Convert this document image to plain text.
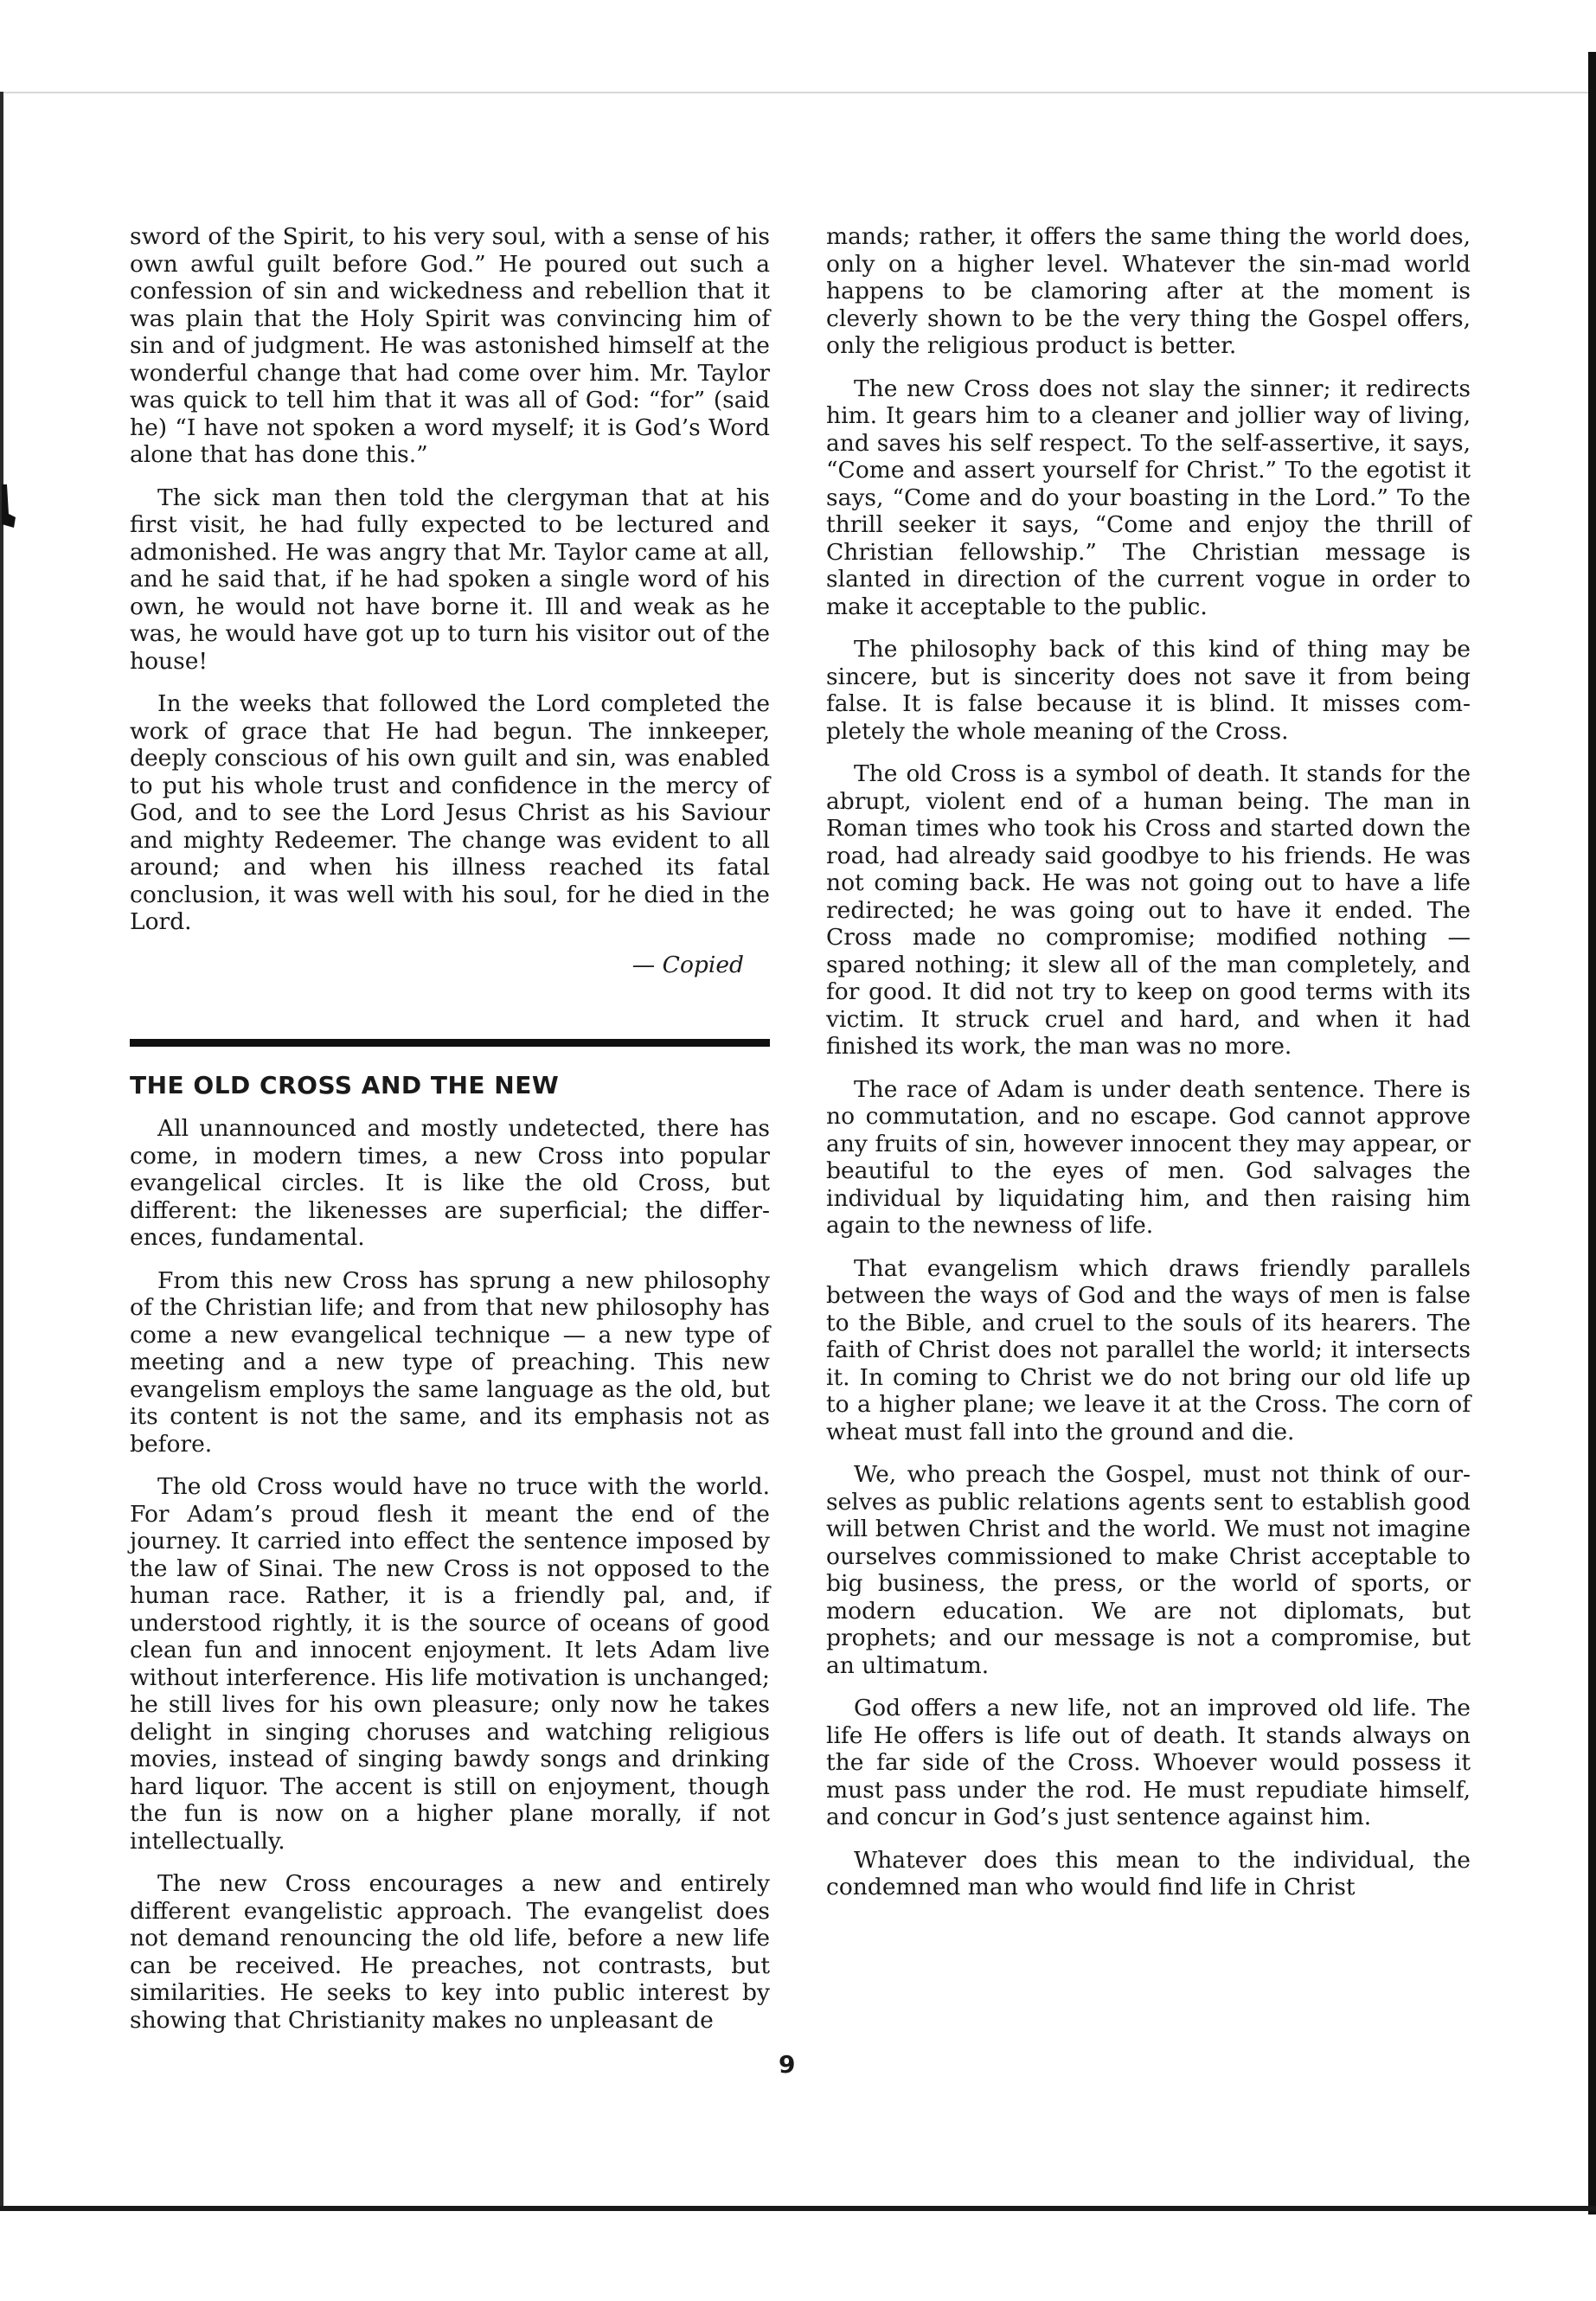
sword of the Spirit, to his very soul, with a sense of his own awful guilt before God.” He poured out such a confession of sin and wickedness and rebellion that it was plain that the Holy Spirit was convincing him of sin and of judgment. He was astonished himself at the wonderful change that had come over him. Mr. Taylor was quick to tell him that it was all of God: “for” (said he) “I have not spoken a word myself; it is God’s Word alone that has done this.”

The sick man then told the clergyman that at his first visit, he had fully expected to be lectured and admonished. He was angry that Mr. Taylor came at all, and he said that, if he had spoken a single word of his own, he would not have borne it. Ill and weak as he was, he would have got up to turn his visitor out of the house!

In the weeks that followed the Lord completed the work of grace that He had begun. The innkeeper, deeply conscious of his own guilt and sin, was enabled to put his whole trust and confidence in the mercy of God, and to see the Lord Jesus Christ as his Saviour and mighty Redeemer. The change was evident to all around; and when his illness reached its fatal conclusion, it was well with his soul, for he died in the Lord.

— Copied
THE OLD CROSS AND THE NEW

All unannounced and mostly undetected, there has come, in modern times, a new Cross into popular evangelical circles. It is like the old Cross, but different: the likenesses are superficial; the differences, fundamental.

From this new Cross has sprung a new philosophy of the Christian life; and from that new philosophy has come a new evangelical technique — a new type of meeting and a new type of preaching. This new evangelism employs the same language as the old, but its content is not the same, and its emphasis not as before.

The old Cross would have no truce with the world. For Adam’s proud flesh it meant the end of the journey. It carried into effect the sentence imposed by the law of Sinai. The new Cross is not opposed to the human race. Rather, it is a friendly pal, and, if understood rightly, it is the source of oceans of good clean fun and innocent enjoyment. It lets Adam live without interference. His life motivation is unchanged; he still lives for his own pleasure; only now he takes delight in singing choruses and watching religious movies, instead of singing bawdy songs and drinking hard liquor. The accent is still on enjoyment, though the fun is now on a higher plane morally, if not intellectually.

The new Cross encourages a new and entirely different evangelistic approach. The evangelist does not demand renouncing the old life, before a new life can be received. He preaches, not contrasts, but similarities. He seeks to key into public interest by showing that Christianity makes no unpleasant de

mands; rather, it offers the same thing the world does, only on a higher level. Whatever the sin-mad world happens to be clamoring after at the moment is cleverly shown to be the very thing the Gospel offers, only the religious product is better.

The new Cross does not slay the sinner; it redirects him. It gears him to a cleaner and jollier way of living, and saves his self respect. To the self-assertive, it says, “Come and assert yourself for Christ.” To the egotist it says, “Come and do your boasting in the Lord.” To the thrill seeker it says, “Come and enjoy the thrill of Christian fellowship.” The Christian message is slanted in direction of the current vogue in order to make it acceptable to the public.

The philosophy back of this kind of thing may be sincere, but is sincerity does not save it from being false. It is false because it is blind. It misses completely the whole meaning of the Cross.

The old Cross is a symbol of death. It stands for the abrupt, violent end of a human being. The man in Roman times who took his Cross and started down the road, had already said goodbye to his friends. He was not coming back. He was not going out to have a life redirected; he was going out to have it ended. The Cross made no compromise; modified nothing — spared nothing; it slew all of the man completely, and for good. It did not try to keep on good terms with its victim. It struck cruel and hard, and when it had finished its work, the man was no more.

The race of Adam is under death sentence. There is no commutation, and no escape. God cannot approve any fruits of sin, however innocent they may appear, or beautiful to the eyes of men. God salvages the individual by liquidating him, and then raising him again to the newness of life.

That evangelism which draws friendly parallels between the ways of God and the ways of men is false to the Bible, and cruel to the souls of its hearers. The faith of Christ does not parallel the world; it intersects it. In coming to Christ we do not bring our old life up to a higher plane; we leave it at the Cross. The corn of wheat must fall into the ground and die.

We, who preach the Gospel, must not think of ourselves as public relations agents sent to establish good will betwen Christ and the world. We must not imagine ourselves commissioned to make Christ acceptable to big business, the press, or the world of sports, or modern education. We are not diplomats, but prophets; and our message is not a compromise, but an ultimatum.

God offers a new life, not an improved old life. The life He offers is life out of death. It stands always on the far side of the Cross. Whoever would possess it must pass under the rod. He must repudiate himself, and concur in God’s just sentence against him.

Whatever does this mean to the individual, the condemned man who would find life in Christ

9
